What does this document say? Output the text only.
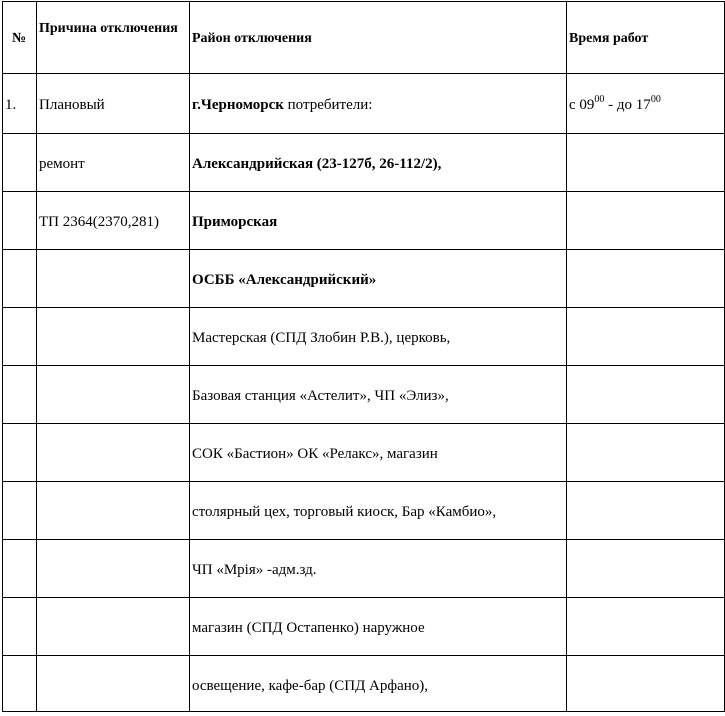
№	Причина отключения	Район отключения	Время работ

1.	Плановый	г.Черноморск потребители:	с $09^{00}$ - до $17^{00}$

	ремонт	Александрийская (23-127б, 26-112/2),	

	ТП 2364(2370,281)	Приморская	

		ОСББ «Александрийский»	

		Мастерская (СПД Злобин Р.В.), церковь,	

		Базовая станция «Астелит», ЧП «Элиз»,	

		СОК «Бастион» ОК «Релакс», магазин	

		столярный цех, торговый киоск, Бар «Камбио»,	

		ЧП «Мрія» -адм.зд.	

		магазин (СПД Остапенко) наружное	

		освещение, кафе-бар (СПД Арфано),	
